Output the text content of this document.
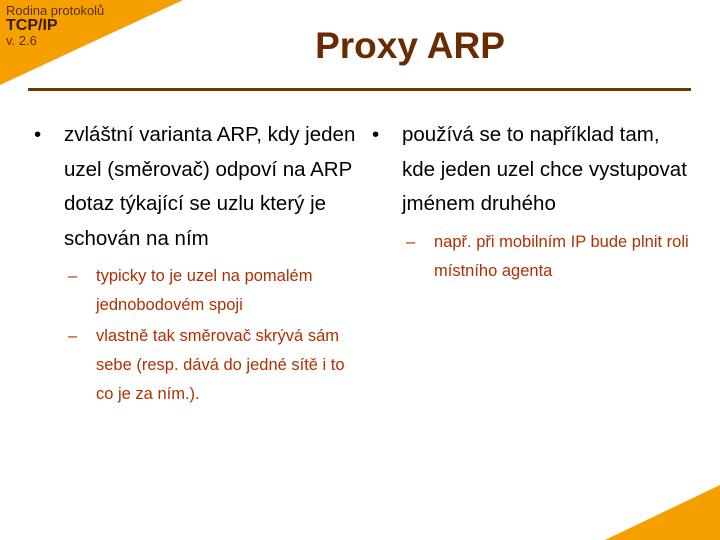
Rodina protokolů
TCP/IP
v. 2.6	Proxy ARP
•	zvláštní varianta ARP, kdy jeden uzel (směrovač) odpoví na ARP dotaz týkající se uzlu který je schován na ním
–	typicky to je uzel na pomalém jednobodovém spoji
–	vlastně tak směrovač skrývá sám sebe (resp. dává do jedné sítě i to co je za ním.).
•	používá se to například tam, kde jeden uzel chce vystupovat jménem druhého
–	např. při mobilním IP bude plnit roli místního agenta
